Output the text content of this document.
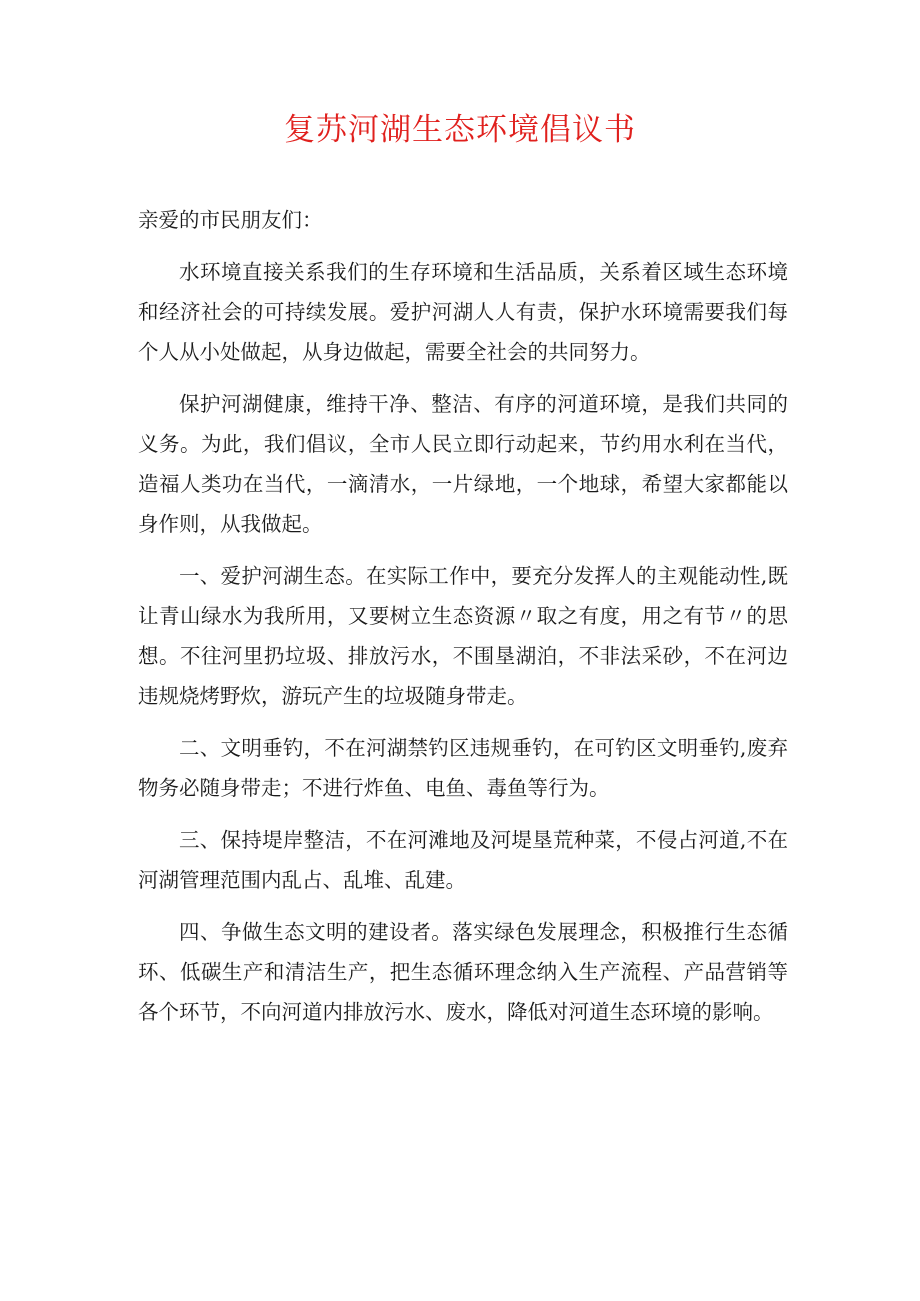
复苏河湖生态环境倡议书

亲爱的市民朋友们：

水环境直接关系我们的生存环境和生活品质，关系着区域生态环境和经济社会的可持续发展。爱护河湖人人有责，保护水环境需要我们每个人从小处做起，从身边做起，需要全社会的共同努力。

保护河湖健康，维持干净、整洁、有序的河道环境，是我们共同的义务。为此，我们倡议，全市人民立即行动起来，节约用水利在当代，造福人类功在当代，一滴清水，一片绿地，一个地球，希望大家都能以身作则，从我做起。

一、爱护河湖生态。在实际工作中，要充分发挥人的主观能动性,既让青山绿水为我所用，又要树立生态资源〃取之有度，用之有节〃的思想。不往河里扔垃圾、排放污水，不围垦湖泊，不非法采砂，不在河边违规烧烤野炊，游玩产生的垃圾随身带走。

二、文明垂钓，不在河湖禁钓区违规垂钓，在可钓区文明垂钓,废弃物务必随身带走；不进行炸鱼、电鱼、毒鱼等行为。

三、保持堤岸整洁，不在河滩地及河堤垦荒种菜，不侵占河道,不在河湖管理范围内乱占、乱堆、乱建。

四、争做生态文明的建设者。落实绿色发展理念，积极推行生态循环、低碳生产和清洁生产，把生态循环理念纳入生产流程、产品营销等各个环节，不向河道内排放污水、废水，降低对河道生态环境的影响。
